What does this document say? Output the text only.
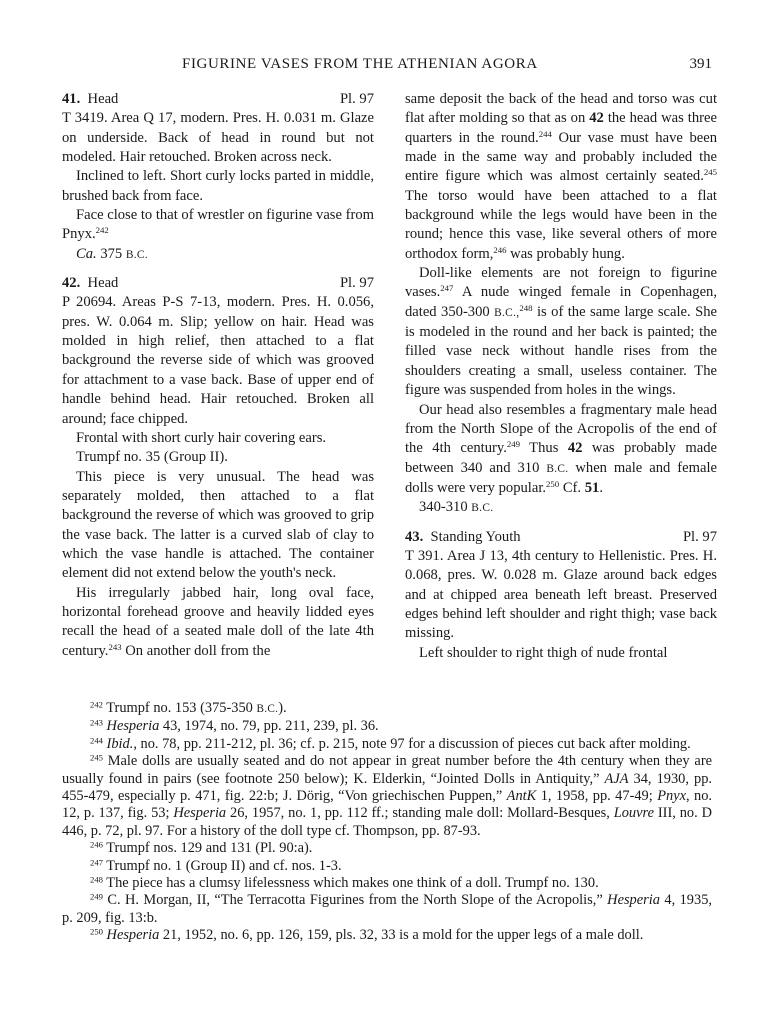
FIGURINE VASES FROM THE ATHENIAN AGORA	391
41. Head	Pl. 97

T 3419. Area Q 17, modern. Pres. H. 0.031 m. Glaze on underside. Back of head in round but not modeled. Hair retouched. Broken across neck.

Inclined to left. Short curly locks parted in middle, brushed back from face.

Face close to that of wrestler on figurine vase from Pnyx.$^{242}$

Ca. 375 B.C.

42. Head	Pl. 97

P 20694. Areas P-S 7-13, modern. Pres. H. 0.056, pres. W. 0.064 m. Slip; yellow on hair. Head was molded in high relief, then attached to a flat background the reverse side of which was grooved for attachment to a vase back. Base of upper end of handle behind head. Hair retouched. Broken all around; face chipped.

Frontal with short curly hair covering ears.

Trumpf no. 35 (Group II).

This piece is very unusual. The head was separately molded, then attached to a flat background the reverse of which was grooved to grip the vase back. The latter is a curved slab of clay to which the vase handle is attached. The container element did not extend below the youth's neck.

His irregularly jabbed hair, long oval face, horizontal forehead groove and heavily lidded eyes recall the head of a seated male doll of the late 4th century.$^{243}$ On another doll from the

same deposit the back of the head and torso was cut flat after molding so that as on 42 the head was three quarters in the round.$^{244}$ Our vase must have been made in the same way and probably included the entire figure which was almost certainly seated.$^{245}$ The torso would have been attached to a flat background while the legs would have been in the round; hence this vase, like several others of more orthodox form,$^{246}$ was probably hung.

Doll-like elements are not foreign to figurine vases.$^{247}$ A nude winged female in Copenhagen, dated 350-300 B.C.,$^{248}$ is of the same large scale. She is modeled in the round and her back is painted; the filled vase neck without handle rises from the shoulders creating a small, useless container. The figure was suspended from holes in the wings.

Our head also resembles a fragmentary male head from the North Slope of the Acropolis of the end of the 4th century.$^{249}$ Thus 42 was probably made between 340 and 310 B.C. when male and female dolls were very popular.$^{250}$ Cf. 51.

340-310 B.C.

43. Standing Youth	Pl. 97

T 391. Area J 13, 4th century to Hellenistic. Pres. H. 0.068, pres. W. 0.028 m. Glaze around back edges and at chipped area beneath left breast. Preserved edges behind left shoulder and right thigh; vase back missing.

Left shoulder to right thigh of nude frontal

$^{242}$ Trumpf no. 153 (375-350 B.C.).

$^{243}$ Hesperia 43, 1974, no. 79, pp. 211, 239, pl. 36.

$^{244}$ Ibid., no. 78, pp. 211-212, pl. 36; cf. p. 215, note 97 for a discussion of pieces cut back after molding.

$^{245}$ Male dolls are usually seated and do not appear in great number before the 4th century when they are usually found in pairs (see footnote 250 below); K. Elderkin, “Jointed Dolls in Antiquity,” AJA 34, 1930, pp. 455-479, especially p. 471, fig. 22:b; J. Dörig, “Von griechischen Puppen,” AntK 1, 1958, pp. 47-49; Pnyx, no. 12, p. 137, fig. 53; Hesperia 26, 1957, no. 1, pp. 112 ff.; standing male doll: Mollard-Besques, Louvre III, no. D 446, p. 72, pl. 97. For a history of the doll type cf. Thompson, pp. 87-93.

$^{246}$ Trumpf nos. 129 and 131 (Pl. 90:a).

$^{247}$ Trumpf no. 1 (Group II) and cf. nos. 1-3.

$^{248}$ The piece has a clumsy lifelessness which makes one think of a doll. Trumpf no. 130.

$^{249}$ C. H. Morgan, II, “The Terracotta Figurines from the North Slope of the Acropolis,” Hesperia 4, 1935, p. 209, fig. 13:b.

$^{250}$ Hesperia 21, 1952, no. 6, pp. 126, 159, pls. 32, 33 is a mold for the upper legs of a male doll.
